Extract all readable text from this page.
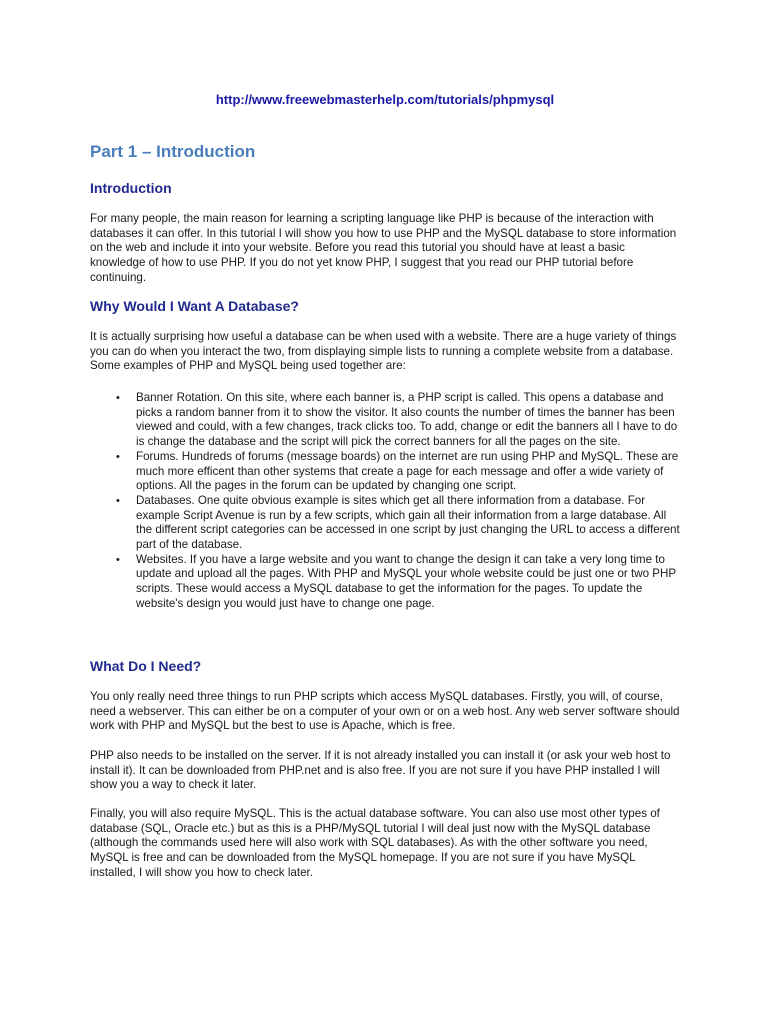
http://www.freewebmasterhelp.com/tutorials/phpmysql
Part 1 – Introduction
Introduction

For many people, the main reason for learning a scripting language like PHP is because of the interaction with databases it can offer. In this tutorial I will show you how to use PHP and the MySQL database to store information on the web and include it into your website. Before you read this tutorial you should have at least a basic knowledge of how to use PHP. If you do not yet know PHP, I suggest that you read our PHP tutorial before continuing.

Why Would I Want A Database?

It is actually surprising how useful a database can be when used with a website. There are a huge variety of things you can do when you interact the two, from displaying simple lists to running a complete website from a database. Some examples of PHP and MySQL being used together are:

• Banner Rotation. On this site, where each banner is, a PHP script is called. This opens a database and picks a random banner from it to show the visitor. It also counts the number of times the banner has been viewed and could, with a few changes, track clicks too. To add, change or edit the banners all I have to do is change the database and the script will pick the correct banners for all the pages on the site.
• Forums. Hundreds of forums (message boards) on the internet are run using PHP and MySQL. These are much more efficent than other systems that create a page for each message and offer a wide variety of options. All the pages in the forum can be updated by changing one script.
• Databases. One quite obvious example is sites which get all there information from a database. For example Script Avenue is run by a few scripts, which gain all their information from a large database. All the different script categories can be accessed in one script by just changing the URL to access a different part of the database.
• Websites. If you have a large website and you want to change the design it can take a very long time to update and upload all the pages. With PHP and MySQL your whole website could be just one or two PHP scripts. These would access a MySQL database to get the information for the pages. To update the website's design you would just have to change one page.
What Do I Need?

You only really need three things to run PHP scripts which access MySQL databases. Firstly, you will, of course, need a webserver. This can either be on a computer of your own or on a web host. Any web server software should work with PHP and MySQL but the best to use is Apache, which is free.

PHP also needs to be installed on the server. If it is not already installed you can install it (or ask your web host to install it). It can be downloaded from PHP.net and is also free. If you are not sure if you have PHP installed I will show you a way to check it later.

Finally, you will also require MySQL. This is the actual database software. You can also use most other types of database (SQL, Oracle etc.) but as this is a PHP/MySQL tutorial I will deal just now with the MySQL database (although the commands used here will also work with SQL databases). As with the other software you need, MySQL is free and can be downloaded from the MySQL homepage. If you are not sure if you have MySQL installed, I will show you how to check later.
